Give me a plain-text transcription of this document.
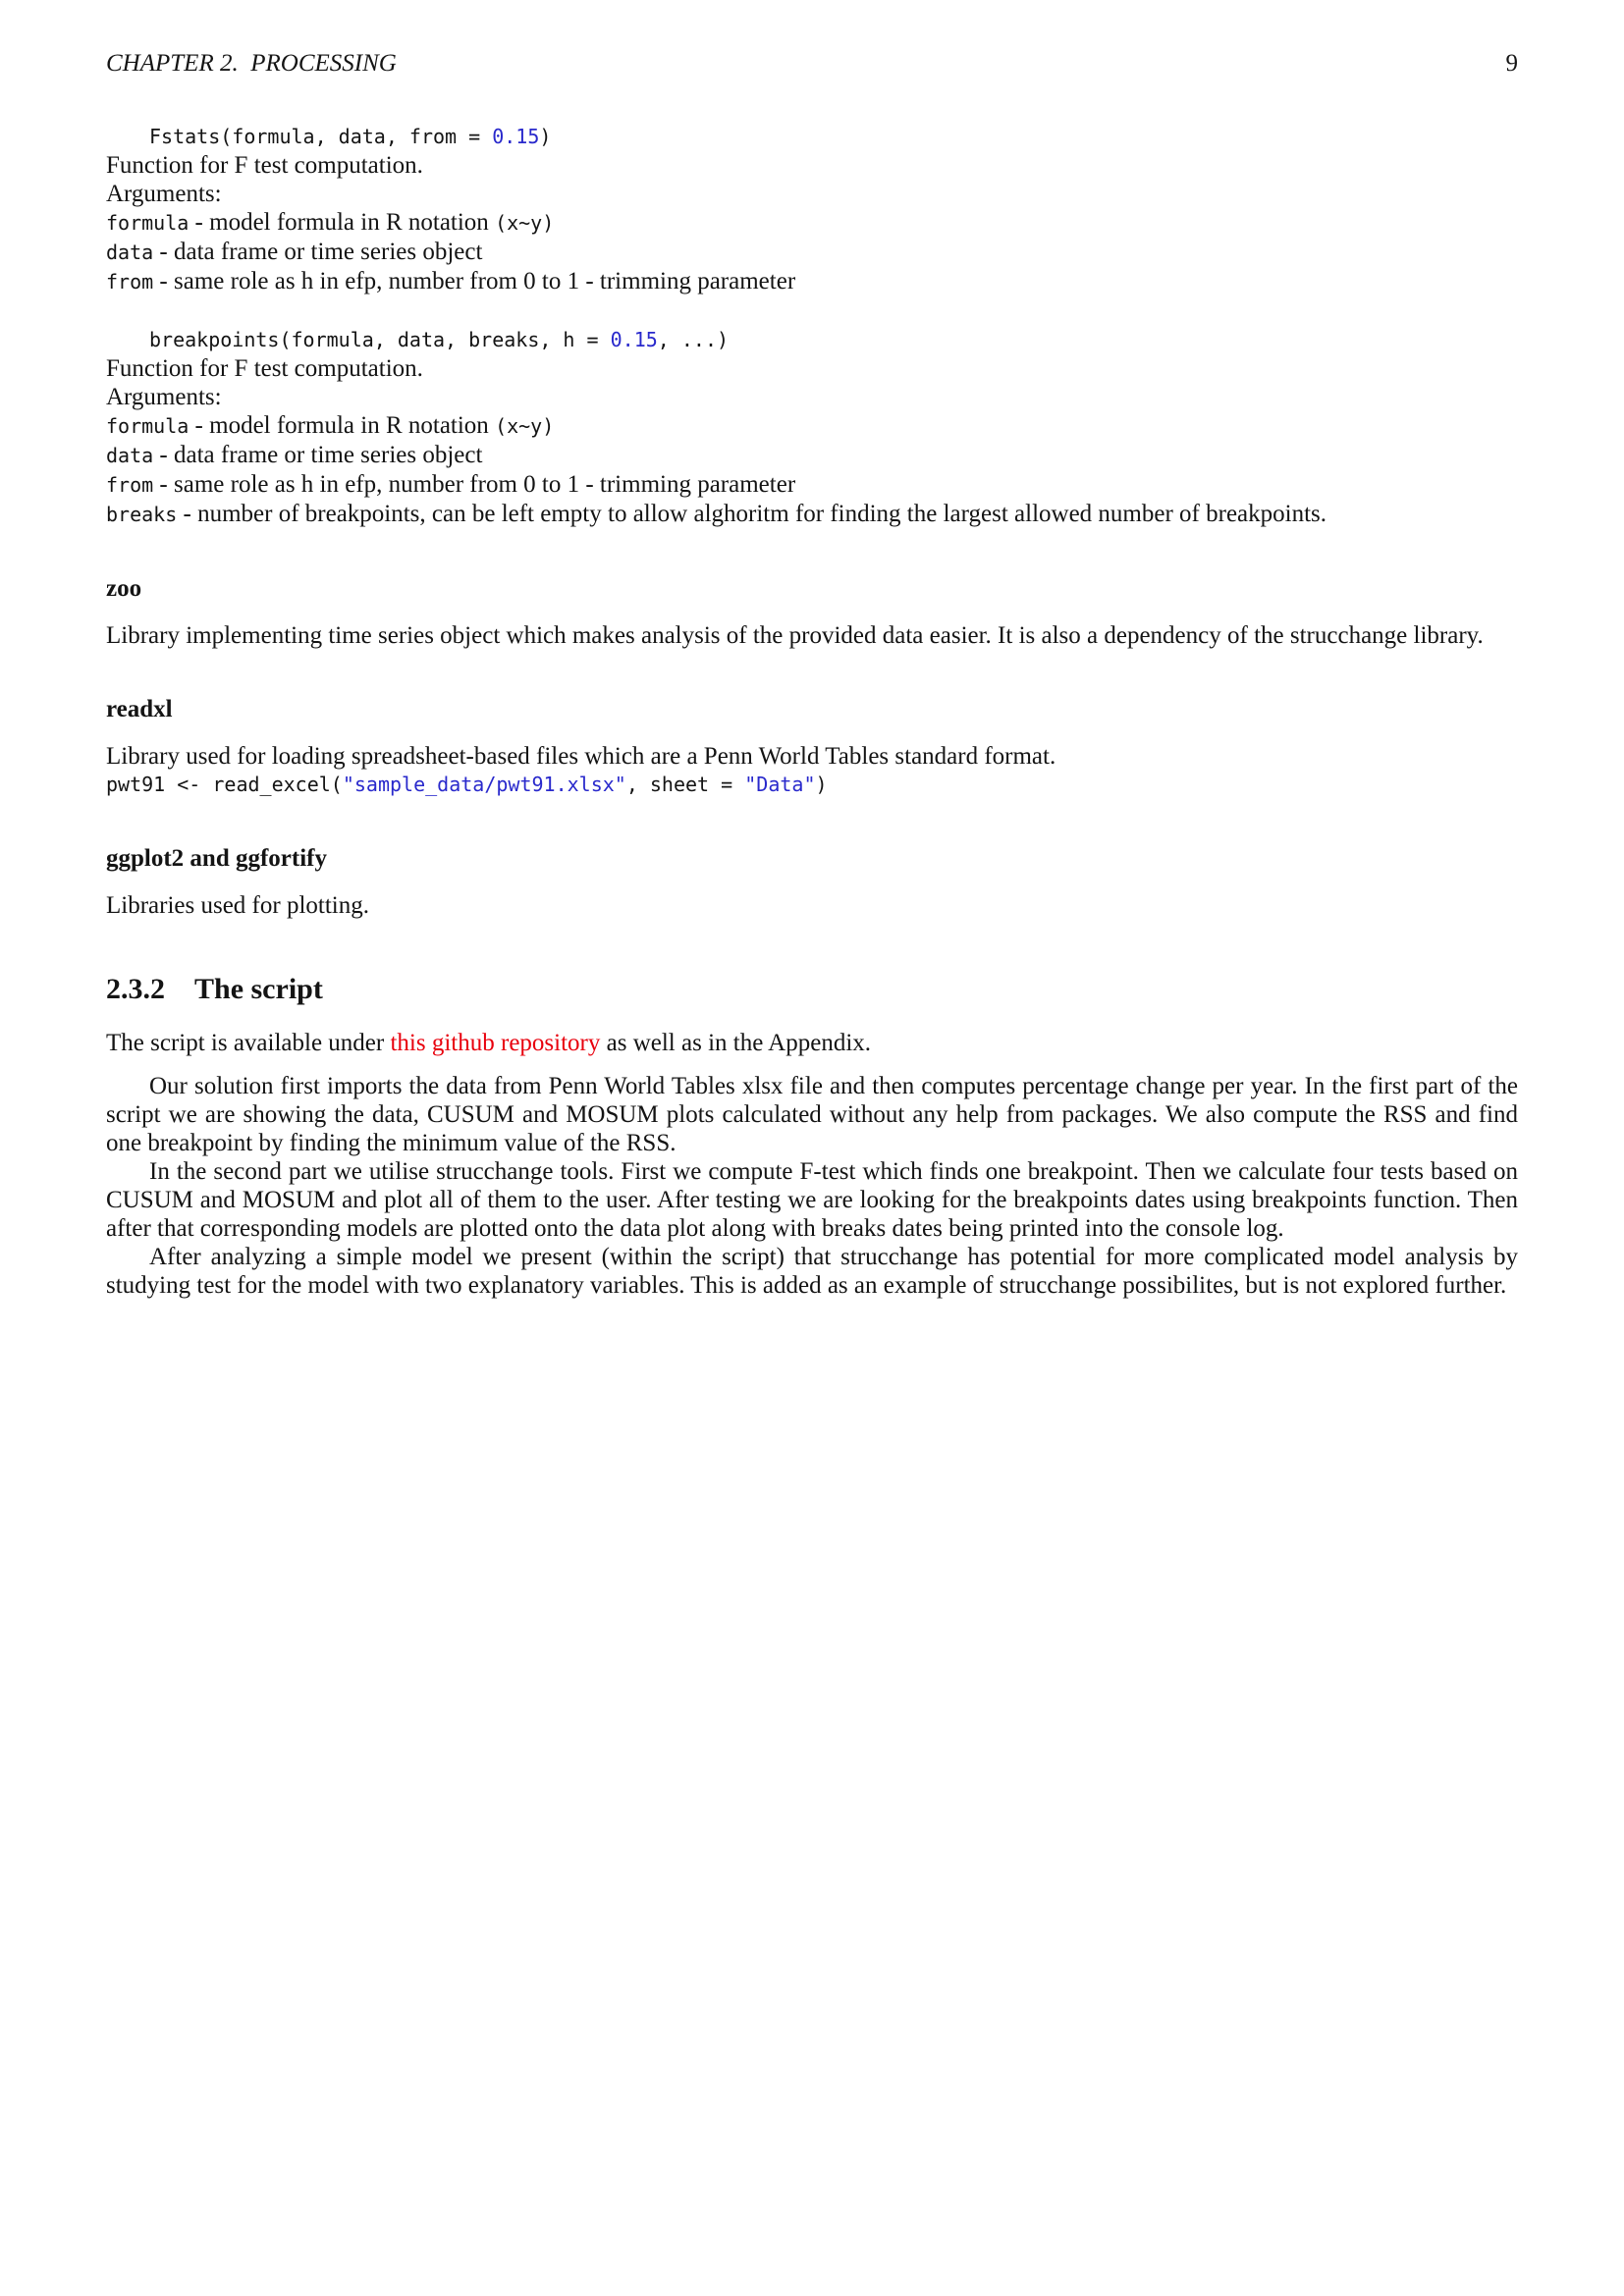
CHAPTER 2.  PROCESSING	9
Fstats(formula, data, from = 0.15)
Function for F test computation.
Arguments:
formula - model formula in R notation (x~y)
data - data frame or time series object
from - same role as h in efp, number from 0 to 1 - trimming parameter
breakpoints(formula, data, breaks, h = 0.15, ...)
Function for F test computation.
Arguments:
formula - model formula in R notation (x~y)
data - data frame or time series object
from - same role as h in efp, number from 0 to 1 - trimming parameter
breaks - number of breakpoints, can be left empty to allow alghoritm for finding the largest allowed number of breakpoints.
zoo

Library implementing time series object which makes analysis of the provided data easier. It is also a dependency of the strucchange library.

readxl

Library used for loading spreadsheet-based files which are a Penn World Tables standard format.

pwt91 <- read_excel("sample_data/pwt91.xlsx", sheet = "Data")
ggplot2 and ggfortify

Libraries used for plotting.

2.3.2 The script

The script is available under this github repository as well as in the Appendix.

Our solution first imports the data from Penn World Tables xlsx file and then computes percentage change per year. In the first part of the script we are showing the data, CUSUM and MOSUM plots calculated without any help from packages. We also compute the RSS and find one breakpoint by finding the minimum value of the RSS.

In the second part we utilise strucchange tools. First we compute F-test which finds one breakpoint. Then we calculate four tests based on CUSUM and MOSUM and plot all of them to the user. After testing we are looking for the breakpoints dates using breakpoints function. Then after that corresponding models are plotted onto the data plot along with breaks dates being printed into the console log.

After analyzing a simple model we present (within the script) that strucchange has potential for more complicated model analysis by studying test for the model with two explanatory variables. This is added as an example of strucchange possibilites, but is not explored further.
